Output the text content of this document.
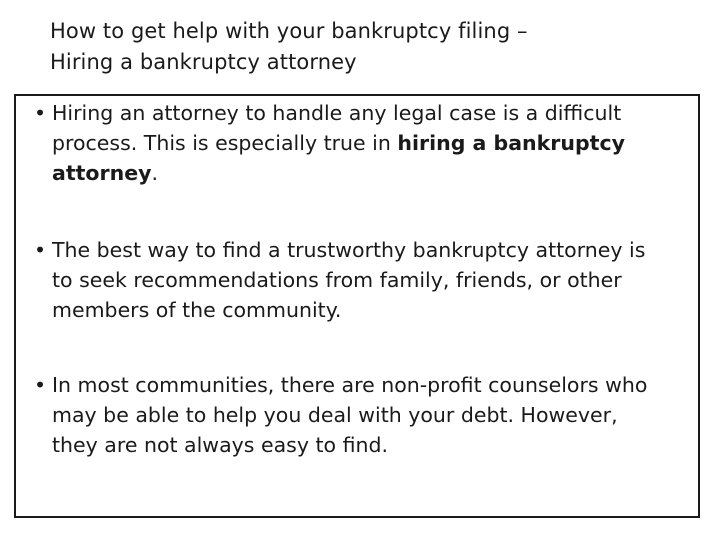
How to get help with your bankruptcy filing –
Hiring a bankruptcy attorney
• Hiring an attorney to handle any legal case is a difficult
process. This is especially true in hiring a bankruptcy
attorney.
• The best way to find a trustworthy bankruptcy attorney is
to seek recommendations from family, friends, or other
members of the community.
• In most communities, there are non-profit counselors who
may be able to help you deal with your debt. However,
they are not always easy to find.
